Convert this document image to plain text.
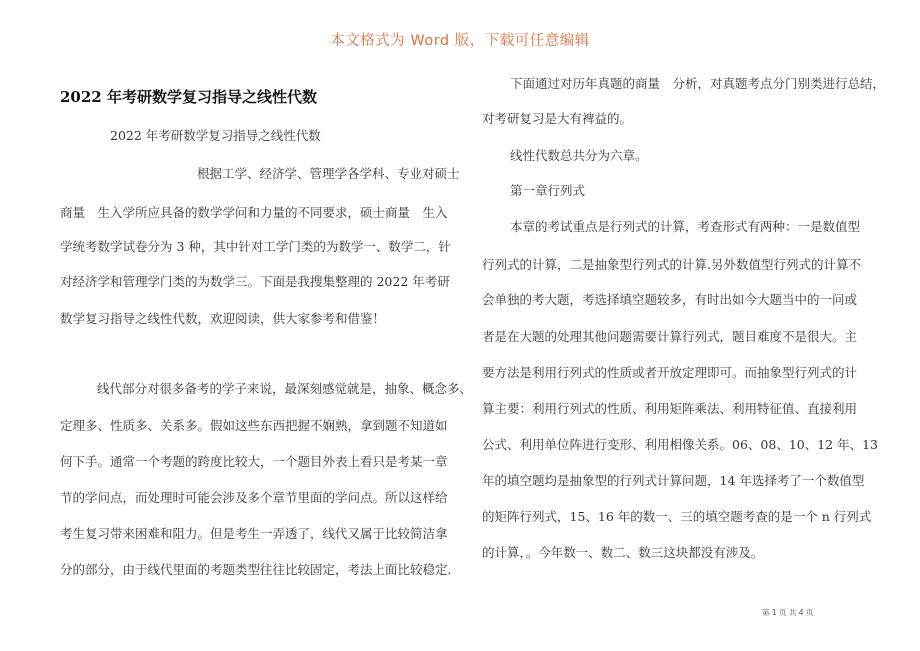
本文格式为 Word 版，下载可任意编辑
2022 年考研数学复习指导之线性代数
2022 年考研数学复习指导之线性代数
根据工学、经济学、管理学各学科、专业对硕士
商量　生入学所应具备的数学学问和力量的不同要求，硕士商量　生入
学统考数学试卷分为 3 种，其中针对工学门类的为数学一、数学二，针
对经济学和管理学门类的为数学三。下面是我搜集整理的 2022 年考研
数学复习指导之线性代数，欢迎阅读，供大家参考和借鉴！
线代部分对很多备考的学子来说，最深刻感觉就是，抽象、概念多、
定理多、性质多、关系多。假如这些东西把握不娴熟，拿到题不知道如
何下手。通常一个考题的跨度比较大，一个题目外表上看只是考某一章
节的学问点，而处理时可能会涉及多个章节里面的学问点。所以这样给
考生复习带来困难和阻力。但是考生一弄透了，线代又属于比较简洁拿
分的部分，由于线代里面的考题类型往往比较固定，考法上面比较稳定.
下面通过对历年真题的商量　分析，对真题考点分门别类进行总结，
对考研复习是大有裨益的。
线性代数总共分为六章。
第一章行列式
本章的考试重点是行列式的计算，考查形式有两种：一是数值型
行列式的计算，二是抽象型行列式的计算.另外数值型行列式的计算不
会单独的考大题，考选择填空题较多，有时出如今大题当中的一问或
者是在大题的处理其他问题需要计算行列式，题目难度不是很大。主
要方法是利用行列式的性质或者开放定理即可。而抽象型行列式的计
算主要：利用行列式的性质、利用矩阵乘法、利用特征值、直接利用
公式、利用单位阵进行变形、利用相像关系。06、08、10、12 年、13
年的填空题均是抽象型的行列式计算问题，14 年选择考了一个数值型
的矩阵行列式，15、16 年的数一、三的填空题考查的是一个 n 行列式
的计算，。今年数一、数二、数三这块都没有涉及。
第 1 页 共 4 页
